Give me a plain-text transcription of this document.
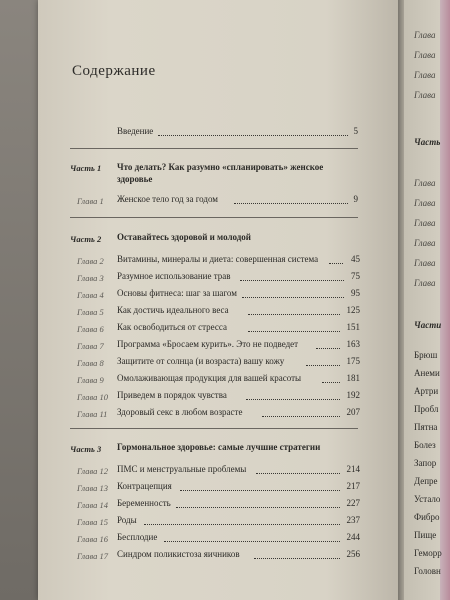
Содержание
Введение	5
Часть 1 Что делать? Как разумно «спланировать» женское
здоровье
Глава 1 Женское тело год за годом	9
Часть 2 Оставайтесь здоровой и молодой
Глава 2 Витамины, минералы и диета: совершенная система	45
Глава 3 Разумное использование трав	75
Глава 4 Основы фитнеса: шаг за шагом	95
Глава 5 Как достичь идеального веса	125
Глава 6 Как освободиться от стресса	151
Глава 7 Программа «Бросаем курить». Это не подведет	163
Глава 8 Защитите от солнца (и возраста) вашу кожу	175
Глава 9 Омолаживающая продукция для вашей красоты	181
Глава 10 Приведем в порядок чувства	192
Глава 11 Здоровый секс в любом возрасте	207
Часть 3 Гормональное здоровье: самые лучшие стратегии
Глава 12 ПМС и менструальные проблемы	214
Глава 13 Контрацепция	217
Глава 14 Беременность	227
Глава 15 Роды	237
Глава 16 Бесплодие	244
Глава 17 Синдром поликистоза яичников	256
Глава
Глава
Глава
Глава
Часть
Глава
Глава
Глава
Глава
Глава
Глава
Части
Брюш
Анеми
Артри
Пробл
Пятна
Болез
Запор
Депре
Устало
Фибро
Пище
Геморр
Головн
